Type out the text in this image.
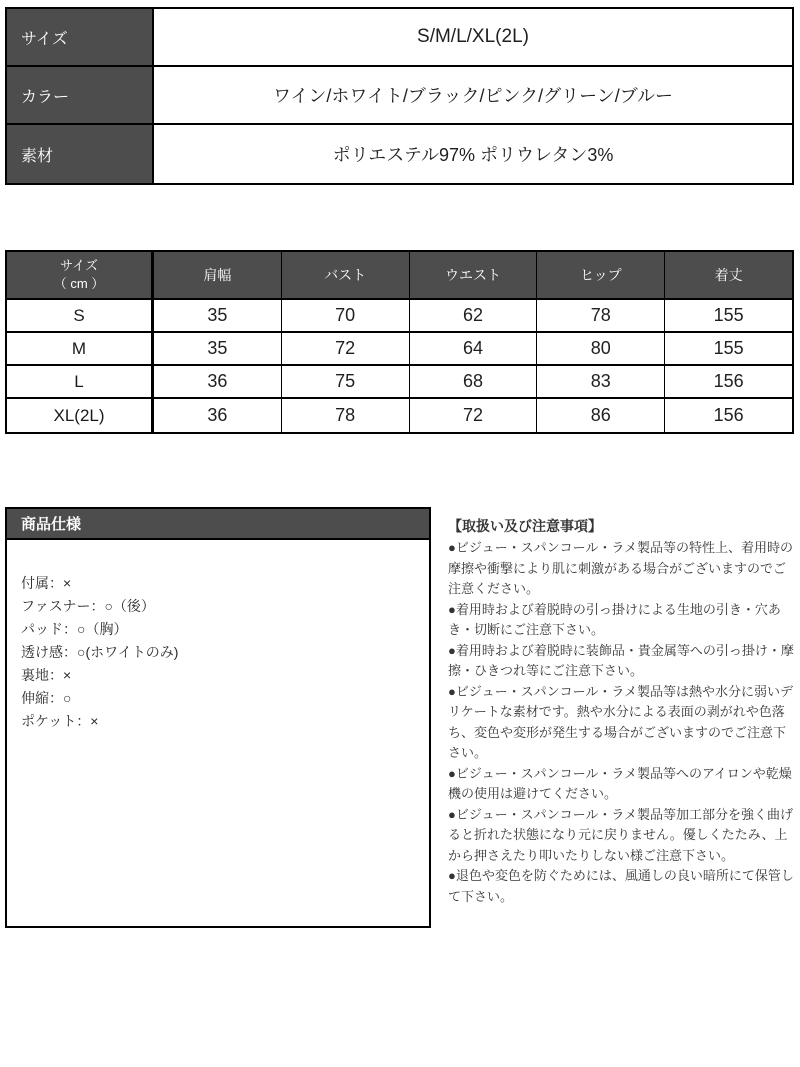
サイズ	S/M/L/XL(2L)
カラー	ワイン/ホワイト/ブラック/ピンク/グリーン/ブルー
素材	ポリエステル97% ポリウレタン3%
サイズ
（ cm ）
肩幅	バスト	ウエスト	ヒップ	着丈
S	35	70	62	78	155
M	35	72	64	80	155
L	36	75	68	83	156
XL(2L)	36	78	72	86	156
商品仕様
付属：×
ファスナー：○（後）
パッド：○（胸）
透け感：○(ホワイトのみ)
裏地：×
伸縮：○
ポケット：×
【取扱い及び注意事項】

●ビジュー・スパンコール・ラメ製品等の特性上、着用時の摩擦や衝撃により肌に刺激がある場合がございますのでご注意ください。

●着用時および着脱時の引っ掛けによる生地の引き・穴あき・切断にご注意下さい。

●着用時および着脱時に装飾品・貴金属等への引っ掛け・摩擦・ひきつれ等にご注意下さい。

●ビジュー・スパンコール・ラメ製品等は熱や水分に弱いデリケートな素材です。熱や水分による表面の剥がれや色落ち、変色や変形が発生する場合がございますのでご注意下さい。

●ビジュー・スパンコール・ラメ製品等へのアイロンや乾燥機の使用は避けてください。

●ビジュー・スパンコール・ラメ製品等加工部分を強く曲げると折れた状態になり元に戻りません。優しくたたみ、上から押さえたり叩いたりしない様ご注意下さい。

●退色や変色を防ぐためには、風通しの良い暗所にて保管して下さい。
